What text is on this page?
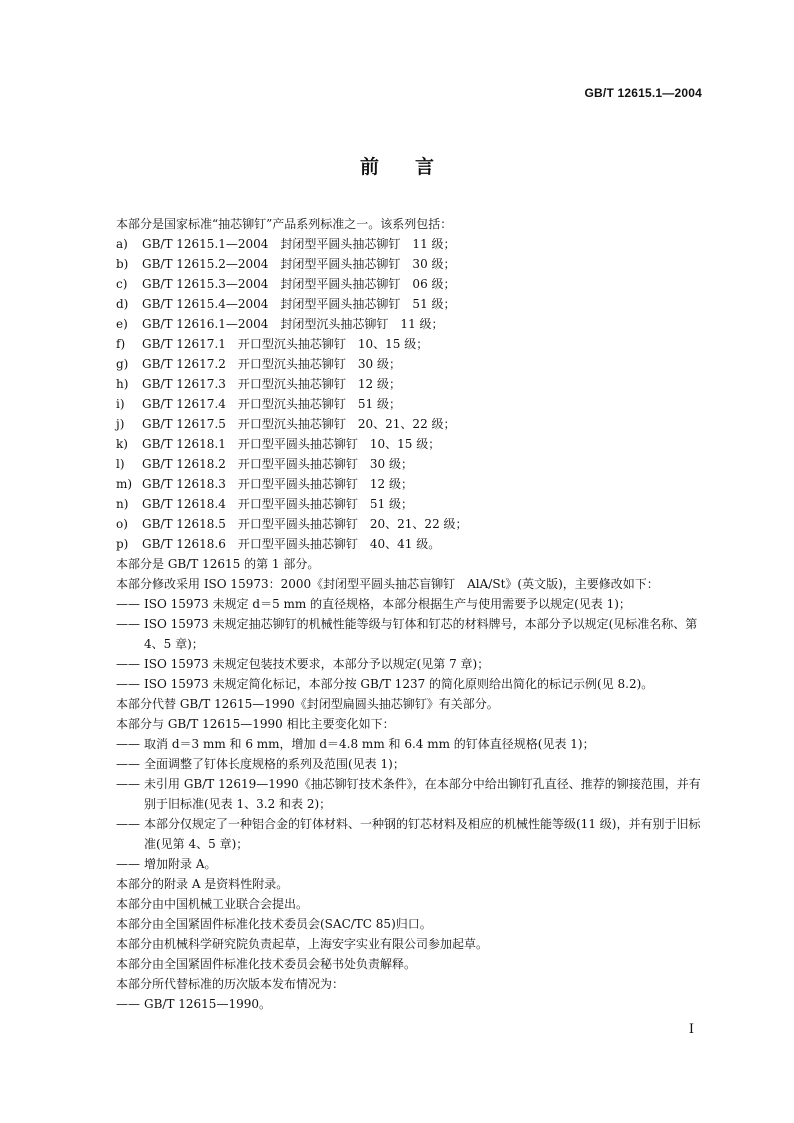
GB/T 12615.1—2004
前言

本部分是国家标准“抽芯铆钉”产品系列标准之一。该系列包括：

a) GB/T 12615.1—2004　封闭型平圆头抽芯铆钉　11 级；

b) GB/T 12615.2—2004　封闭型平圆头抽芯铆钉　30 级；

c) GB/T 12615.3—2004　封闭型平圆头抽芯铆钉　06 级；

d) GB/T 12615.4—2004　封闭型平圆头抽芯铆钉　51 级；

e) GB/T 12616.1—2004　封闭型沉头抽芯铆钉　11 级；

f) GB/T 12617.1　开口型沉头抽芯铆钉　10、15 级；

g) GB/T 12617.2　开口型沉头抽芯铆钉　30 级；

h) GB/T 12617.3　开口型沉头抽芯铆钉　12 级；

i) GB/T 12617.4　开口型沉头抽芯铆钉　51 级；

j) GB/T 12617.5　开口型沉头抽芯铆钉　20、21、22 级；

k) GB/T 12618.1　开口型平圆头抽芯铆钉　10、15 级；

l) GB/T 12618.2　开口型平圆头抽芯铆钉　30 级；

m) GB/T 12618.3　开口型平圆头抽芯铆钉　12 级；

n) GB/T 12618.4　开口型平圆头抽芯铆钉　51 级；

o) GB/T 12618.5　开口型平圆头抽芯铆钉　20、21、22 级；

p) GB/T 12618.6　开口型平圆头抽芯铆钉　40、41 级。

本部分是 GB/T 12615 的第 1 部分。

本部分修改采用 ISO 15973：2000《封闭型平圆头抽芯盲铆钉　AlA/St》(英文版)，主要修改如下：

—— ISO 15973 未规定 d＝5 mm 的直径规格，本部分根据生产与使用需要予以规定(见表 1)；

—— ISO 15973 未规定抽芯铆钉的机械性能等级与钉体和钉芯的材料牌号，本部分予以规定(见标准名称、第 4、5 章)；

—— ISO 15973 未规定包装技术要求，本部分予以规定(见第 7 章)；

—— ISO 15973 未规定简化标记，本部分按 GB/T 1237 的简化原则给出简化的标记示例(见 8.2)。

本部分代替 GB/T 12615—1990《封闭型扁圆头抽芯铆钉》有关部分。

本部分与 GB/T 12615—1990 相比主要变化如下：

—— 取消 d＝3 mm 和 6 mm，增加 d＝4.8 mm 和 6.4 mm 的钉体直径规格(见表 1)；

—— 全面调整了钉体长度规格的系列及范围(见表 1)；

—— 未引用 GB/T 12619—1990《抽芯铆钉技术条件》，在本部分中给出铆钉孔直径、推荐的铆接范围，并有别于旧标准(见表 1、3.2 和表 2)；

—— 本部分仅规定了一种铝合金的钉体材料、一种钢的钉芯材料及相应的机械性能等级(11 级)，并有别于旧标准(见第 4、5 章)；

—— 增加附录 A。

本部分的附录 A 是资料性附录。

本部分由中国机械工业联合会提出。

本部分由全国紧固件标准化技术委员会(SAC/TC 85)归口。

本部分由机械科学研究院负责起草，上海安字实业有限公司参加起草。

本部分由全国紧固件标准化技术委员会秘书处负责解释。

本部分所代替标准的历次版本发布情况为：

—— GB/T 12615—1990。

I
